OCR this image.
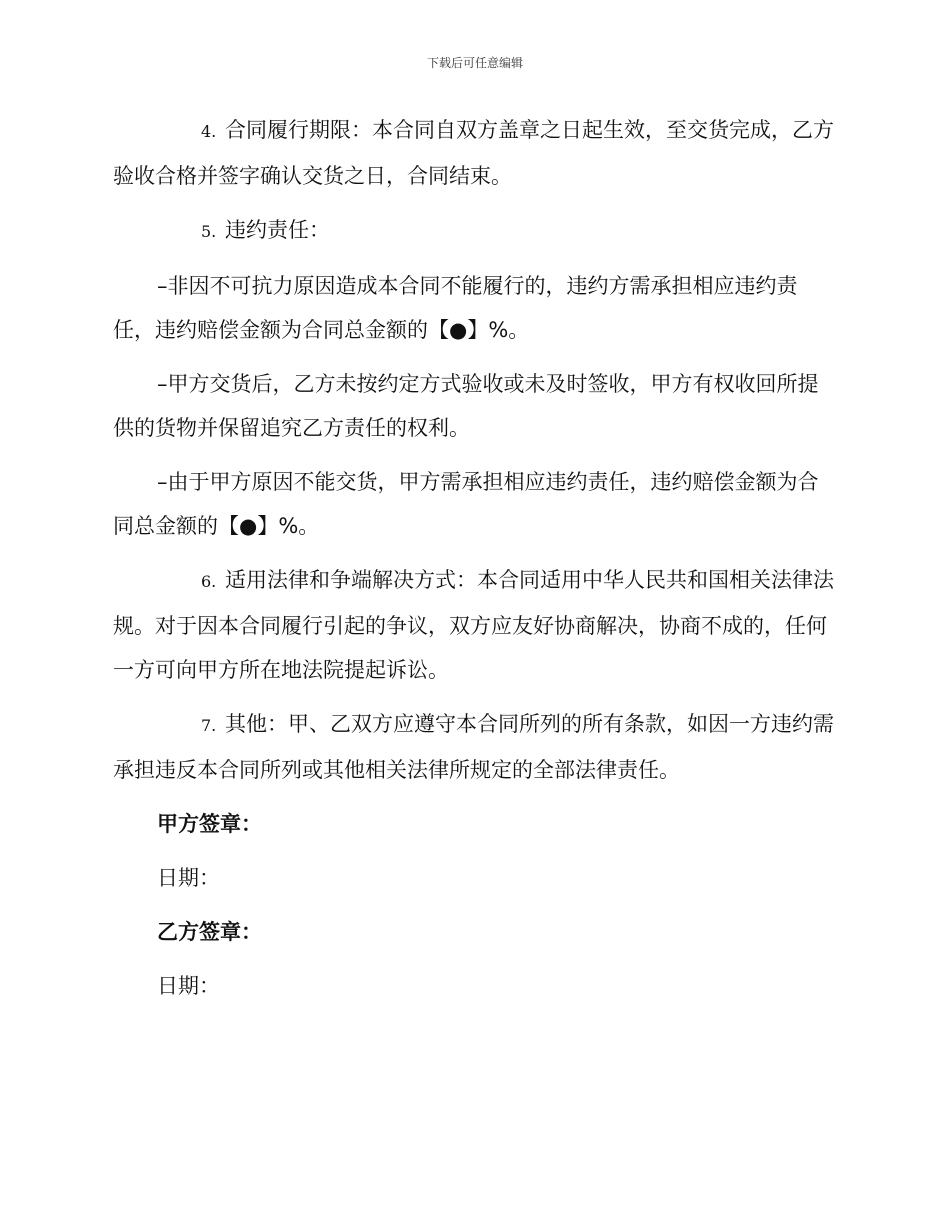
下载后可任意编辑

4. 合同履行期限：本合同自双方盖章之日起生效，至交货完成，乙方验收合格并签字确认交货之日，合同结束。

5. 违约责任：

–非因不可抗力原因造成本合同不能履行的，违约方需承担相应违约责任，违约赔偿金额为合同总金额的【●】%。

–甲方交货后，乙方未按约定方式验收或未及时签收，甲方有权收回所提供的货物并保留追究乙方责任的权利。

–由于甲方原因不能交货，甲方需承担相应违约责任，违约赔偿金额为合同总金额的【●】%。

6. 适用法律和争端解决方式：本合同适用中华人民共和国相关法律法规。对于因本合同履行引起的争议，双方应友好协商解决，协商不成的，任何一方可向甲方所在地法院提起诉讼。

7. 其他：甲、乙双方应遵守本合同所列的所有条款，如因一方违约需承担违反本合同所列或其他相关法律所规定的全部法律责任。

甲方签章：

日期：

乙方签章：

日期：
